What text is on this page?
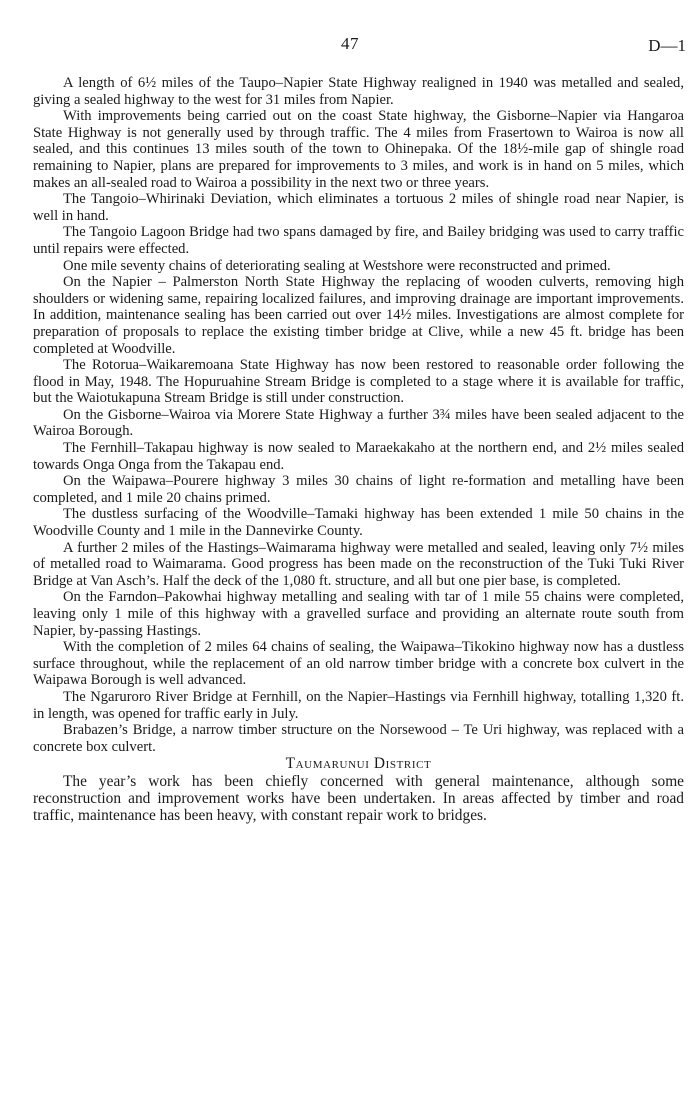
47	D—1

A length of 6½ miles of the Taupo–Napier State Highway realigned in 1940 was metalled and sealed, giving a sealed highway to the west for 31 miles from Napier.

With improvements being carried out on the coast State highway, the Gisborne–Napier via Hangaroa State Highway is not generally used by through traffic. The 4 miles from Frasertown to Wairoa is now all sealed, and this continues 13 miles south of the town to Ohinepaka. Of the 18½-mile gap of shingle road remaining to Napier, plans are prepared for improvements to 3 miles, and work is in hand on 5 miles, which makes an all-sealed road to Wairoa a possibility in the next two or three years.

The Tangoio–Whirinaki Deviation, which eliminates a tortuous 2 miles of shingle road near Napier, is well in hand.

The Tangoio Lagoon Bridge had two spans damaged by fire, and Bailey bridging was used to carry traffic until repairs were effected.

One mile seventy chains of deteriorating sealing at Westshore were reconstructed and primed.

On the Napier – Palmerston North State Highway the replacing of wooden culverts, removing high shoulders or widening same, repairing localized failures, and improving drainage are important improvements. In addition, maintenance sealing has been carried out over 14½ miles. Investigations are almost complete for preparation of proposals to replace the existing timber bridge at Clive, while a new 45 ft. bridge has been completed at Woodville.

The Rotorua–Waikaremoana State Highway has now been restored to reasonable order following the flood in May, 1948. The Hopuruahine Stream Bridge is completed to a stage where it is available for traffic, but the Waiotukapuna Stream Bridge is still under construction.

On the Gisborne–Wairoa via Morere State Highway a further 3¾ miles have been sealed adjacent to the Wairoa Borough.

The Fernhill–Takapau highway is now sealed to Maraekakaho at the northern end, and 2½ miles sealed towards Onga Onga from the Takapau end.

On the Waipawa–Pourere highway 3 miles 30 chains of light re-formation and metalling have been completed, and 1 mile 20 chains primed.

The dustless surfacing of the Woodville–Tamaki highway has been extended 1 mile 50 chains in the Woodville County and 1 mile in the Dannevirke County.

A further 2 miles of the Hastings–Waimarama highway were metalled and sealed, leaving only 7½ miles of metalled road to Waimarama. Good progress has been made on the reconstruction of the Tuki Tuki River Bridge at Van Asch’s. Half the deck of the 1,080 ft. structure, and all but one pier base, is completed.

On the Farndon–Pakowhai highway metalling and sealing with tar of 1 mile 55 chains were completed, leaving only 1 mile of this highway with a gravelled surface and providing an alternate route south from Napier, by-passing Hastings.

With the completion of 2 miles 64 chains of sealing, the Waipawa–Tikokino highway now has a dustless surface throughout, while the replacement of an old narrow timber bridge with a concrete box culvert in the Waipawa Borough is well advanced.

The Ngaruroro River Bridge at Fernhill, on the Napier–Hastings via Fernhill highway, totalling 1,320 ft. in length, was opened for traffic early in July.

Brabazen’s Bridge, a narrow timber structure on the Norsewood – Te Uri highway, was replaced with a concrete box culvert.

Taumarunui District

The year’s work has been chiefly concerned with general maintenance, although some reconstruction and improvement works have been undertaken. In areas affected by timber and road traffic, maintenance has been heavy, with constant repair work to bridges.
